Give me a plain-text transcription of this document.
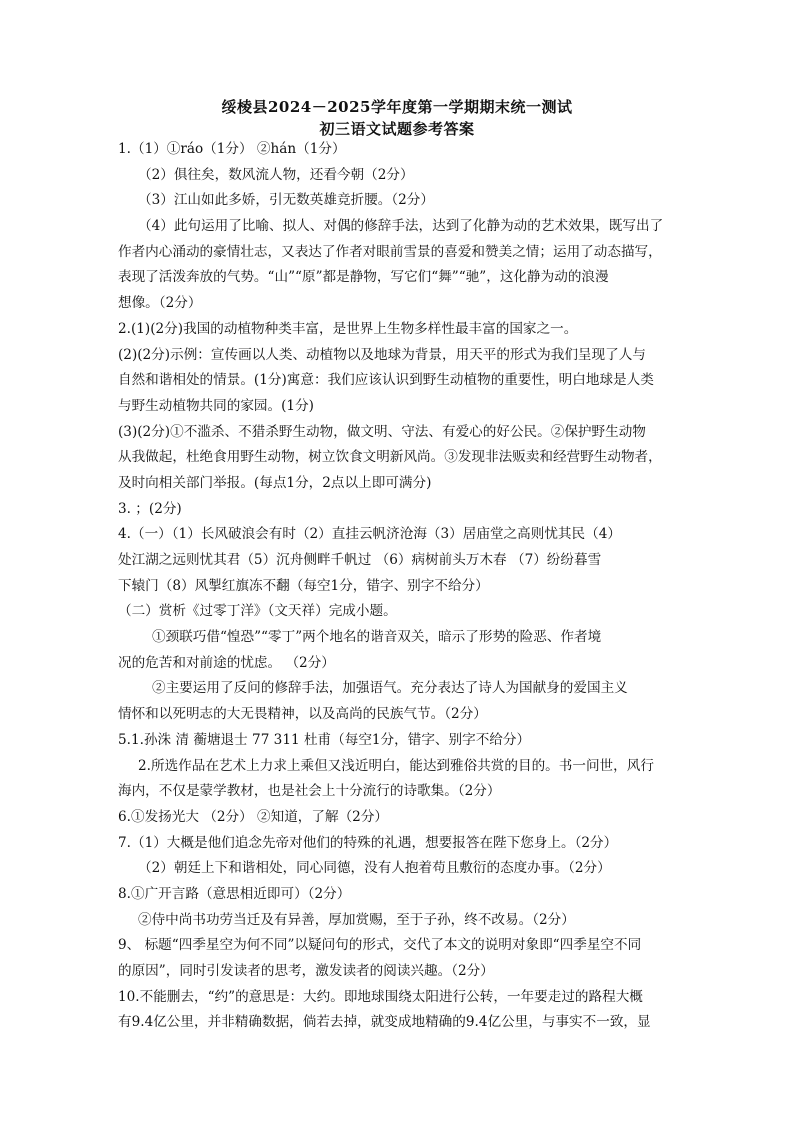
绥棱县2024－2025学年度第一学期期末统一测试
初三语文试题参考答案
1.（1）①ráo（1分） ②hán（1分）
（2）俱往矣，数风流人物，还看今朝（2分）
（3）江山如此多娇，引无数英雄竞折腰。（2分）
（4）此句运用了比喻、拟人、对偶的修辞手法，达到了化静为动的艺术效果，既写出了
作者内心涌动的豪情壮志，又表达了作者对眼前雪景的喜爱和赞美之情；运用了动态描写，
表现了活泼奔放的气势。“山”“原”都是静物，写它们“舞”“驰”，这化静为动的浪漫
想像。（2分）
2.(1)(2分)我国的动植物种类丰富，是世界上生物多样性最丰富的国家之一。
(2)(2分)示例：宣传画以人类、动植物以及地球为背景，用天平的形式为我们呈现了人与
自然和谐相处的情景。(1分)寓意：我们应该认识到野生动植物的重要性，明白地球是人类
与野生动植物共同的家园。(1分)
(3)(2分)①不滥杀、不猎杀野生动物，做文明、守法、有爱心的好公民。②保护野生动物
从我做起，杜绝食用野生动物，树立饮食文明新风尚。③发现非法贩卖和经营野生动物者，
及时向相关部门举报。(每点1分，2点以上即可满分)
3. ；(2分)
4.（一）（1）长风破浪会有时（2）直挂云帆济沧海（3）居庙堂之高则忧其民（4）
处江湖之远则忧其君（5）沉舟侧畔千帆过 （6）病树前头万木春 （7）纷纷暮雪
下辕门（8）风掣红旗冻不翻（每空1分，错字、别字不给分）
（二）赏析《过零丁洋》（文天祥）完成小题。
①颈联巧借“惶恐”“零丁”两个地名的谐音双关，暗示了形势的险恶、作者境
况的危苦和对前途的忧虑。 （2分）
②主要运用了反问的修辞手法，加强语气。充分表达了诗人为国献身的爱国主义
情怀和以死明志的大无畏精神，以及高尚的民族气节。（2分）
5.1.孙洙 清 蘅塘退士 77 311 杜甫（每空1分，错字、别字不给分）
2.所选作品在艺术上力求上乘但又浅近明白，能达到雅俗共赏的目的。书一问世，风行
海内，不仅是蒙学教材，也是社会上十分流行的诗歌集。（2分）
6.①发扬光大 （2分） ②知道，了解（2分）
7.（1）大概是他们追念先帝对他们的特殊的礼遇，想要报答在陛下您身上。（2分）
（2）朝廷上下和谐相处，同心同德，没有人抱着苟且敷衍的态度办事。（2分）
8.①广开言路（意思相近即可）（2分）
②侍中尚书功劳当迁及有异善，厚加赏赐，至于子孙，终不改易。（2分）
9、 标题“四季星空为何不同”以疑问句的形式，交代了本文的说明对象即“四季星空不同
的原因”，同时引发读者的思考，激发读者的阅读兴趣。（2分）
10.不能删去，“约”的意思是：大约。即地球围绕太阳进行公转，一年要走过的路程大概
有9.4亿公里，并非精确数据，倘若去掉，就变成地精确的9.4亿公里，与事实不一致，显
